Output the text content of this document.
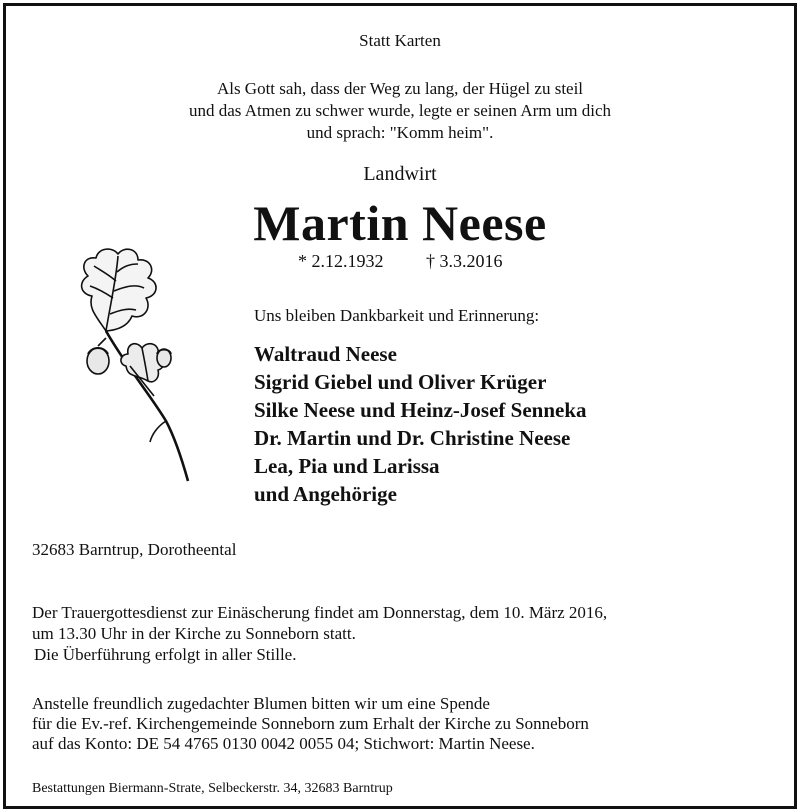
Statt Karten
Als Gott sah, dass der Weg zu lang, der Hügel zu steil
und das Atmen zu schwer wurde, legte er seinen Arm um dich
und sprach: "Komm heim".
Landwirt
Martin Neese
* 2.12.1932 † 3.3.2016
Uns bleiben Dankbarkeit und Erinnerung:
Waltraud Neese
Sigrid Giebel und Oliver Krüger
Silke Neese und Heinz-Josef Senneka
Dr. Martin und Dr. Christine Neese
Lea, Pia und Larissa
und Angehörige
32683 Barntrup, Dorotheental
Der Trauergottesdienst zur Einäscherung findet am Donnerstag, dem 10. März 2016,
um 13.30 Uhr in der Kirche zu Sonneborn statt.
Die Überführung erfolgt in aller Stille.
Anstelle freundlich zugedachter Blumen bitten wir um eine Spende
für die Ev.-ref. Kirchengemeinde Sonneborn zum Erhalt der Kirche zu Sonneborn
auf das Konto: DE 54 4765 0130 0042 0055 04; Stichwort: Martin Neese.
Bestattungen Biermann-Strate, Selbeckerstr. 34, 32683 Barntrup
